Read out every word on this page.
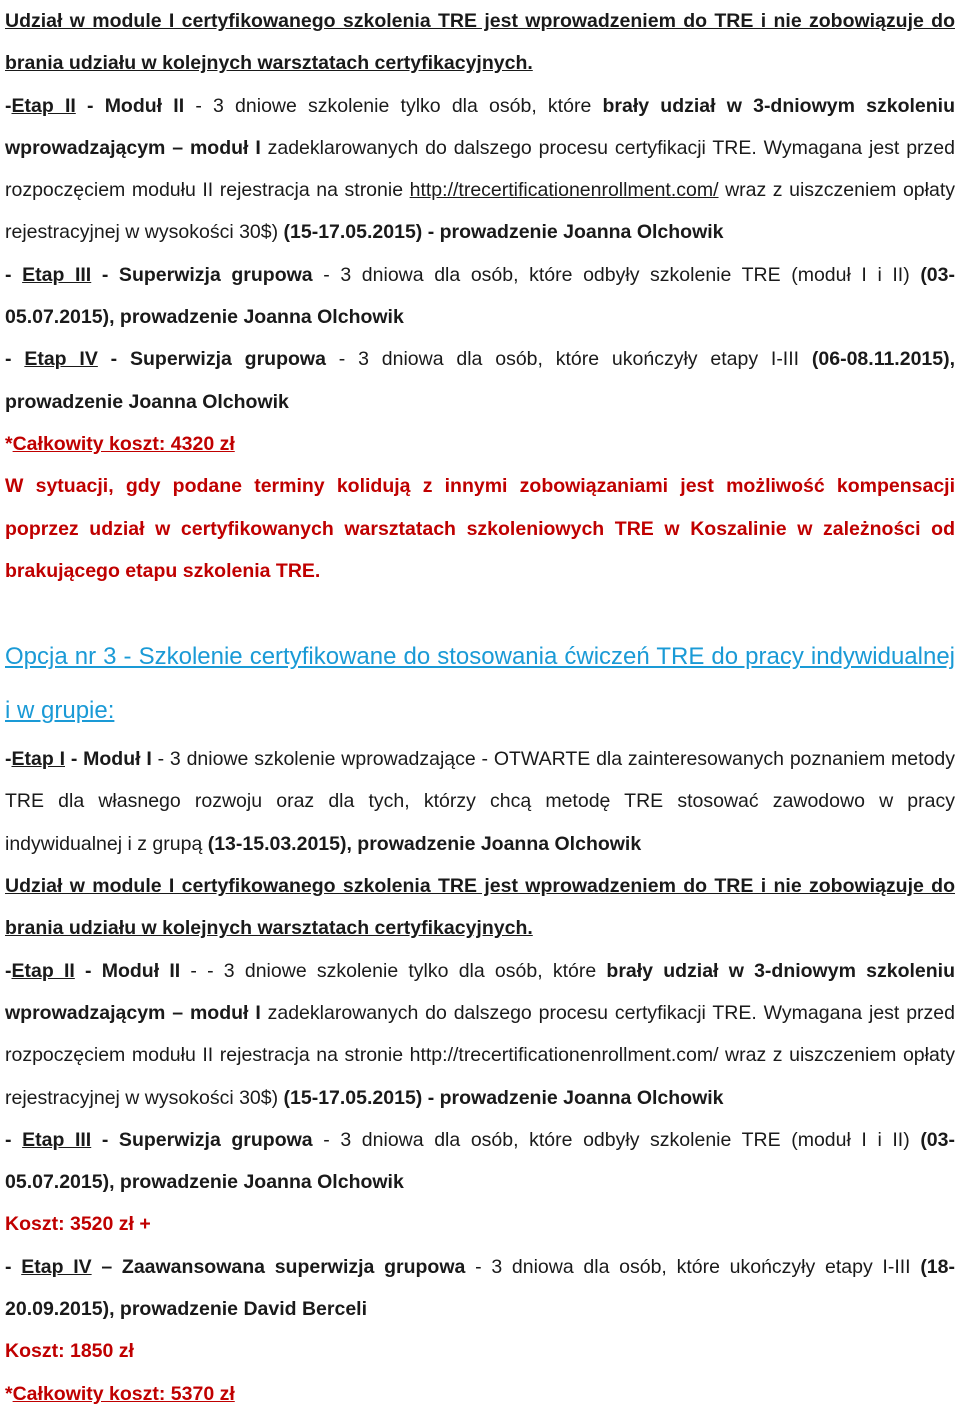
Udział w module I certyfikowanego szkolenia TRE jest wprowadzeniem do TRE i nie zobowiązuje do brania udziału w kolejnych warsztatach certyfikacyjnych.

-Etap II - Moduł II - 3 dniowe szkolenie tylko dla osób, które brały udział w 3-dniowym szkoleniu wprowadzającym – moduł I zadeklarowanych do dalszego procesu certyfikacji TRE. Wymagana jest przed rozpoczęciem modułu II rejestracja na stronie http://trecertificationenrollment.com/ wraz z uiszczeniem opłaty rejestracyjnej w wysokości 30$) (15-17.05.2015) - prowadzenie Joanna Olchowik

- Etap III - Superwizja grupowa - 3 dniowa dla osób, które odbyły szkolenie TRE (moduł I i II) (03-05.07.2015), prowadzenie Joanna Olchowik

- Etap IV - Superwizja grupowa - 3 dniowa dla osób, które ukończyły etapy I-III (06-08.11.2015), prowadzenie Joanna Olchowik

*Całkowity koszt: 4320 zł

W sytuacji, gdy podane terminy kolidują z innymi zobowiązaniami jest możliwość kompensacji poprzez udział w certyfikowanych warsztatach szkoleniowych TRE w Koszalinie w zależności od brakującego etapu szkolenia TRE.

Opcja nr 3 - Szkolenie certyfikowane do stosowania ćwiczeń TRE do pracy indywidualnej i w grupie:

-Etap I - Moduł I - 3 dniowe szkolenie wprowadzające - OTWARTE dla zainteresowanych poznaniem metody TRE dla własnego rozwoju oraz dla tych, którzy chcą metodę TRE stosować zawodowo w pracy indywidualnej i z grupą (13-15.03.2015), prowadzenie Joanna Olchowik

Udział w module I certyfikowanego szkolenia TRE jest wprowadzeniem do TRE i nie zobowiązuje do brania udziału w kolejnych warsztatach certyfikacyjnych.

-Etap II - Moduł II - - 3 dniowe szkolenie tylko dla osób, które brały udział w 3-dniowym szkoleniu wprowadzającym – moduł I zadeklarowanych do dalszego procesu certyfikacji TRE. Wymagana jest przed rozpoczęciem modułu II rejestracja na stronie http://trecertificationenrollment.com/ wraz z uiszczeniem opłaty rejestracyjnej w wysokości 30$) (15-17.05.2015) - prowadzenie Joanna Olchowik

- Etap III - Superwizja grupowa - 3 dniowa dla osób, które odbyły szkolenie TRE (moduł I i II) (03-05.07.2015), prowadzenie Joanna Olchowik

Koszt: 3520 zł +

- Etap IV – Zaawansowana superwizja grupowa - 3 dniowa dla osób, które ukończyły etapy I-III (18-20.09.2015), prowadzenie David Berceli

Koszt: 1850 zł

*Całkowity koszt: 5370 zł
